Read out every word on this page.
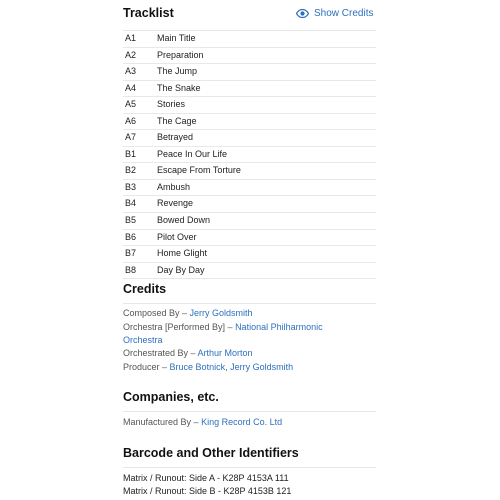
Tracklist	Show Credits
A1 Main Title
A2 Preparation
A3 The Jump
A4 The Snake
A5 Stories
A6 The Cage
A7 Betrayed
B1 Peace In Our Life
B2 Escape From Torture
B3 Ambush
B4 Revenge
B5 Bowed Down
B6 Pilot Over
B7 Home Glight
B8 Day By Day
Credits
Composed By – Jerry Goldsmith
Orchestra [Performed By] – National Philharmonic
Orchestra
Orchestrated By – Arthur Morton
Producer – Bruce Botnick, Jerry Goldsmith
Companies, etc.
Manufactured By – King Record Co. Ltd
Barcode and Other Identifiers
Matrix / Runout: Side A - K28P 4153A 111
Matrix / Runout: Side B - K28P 4153B 121
